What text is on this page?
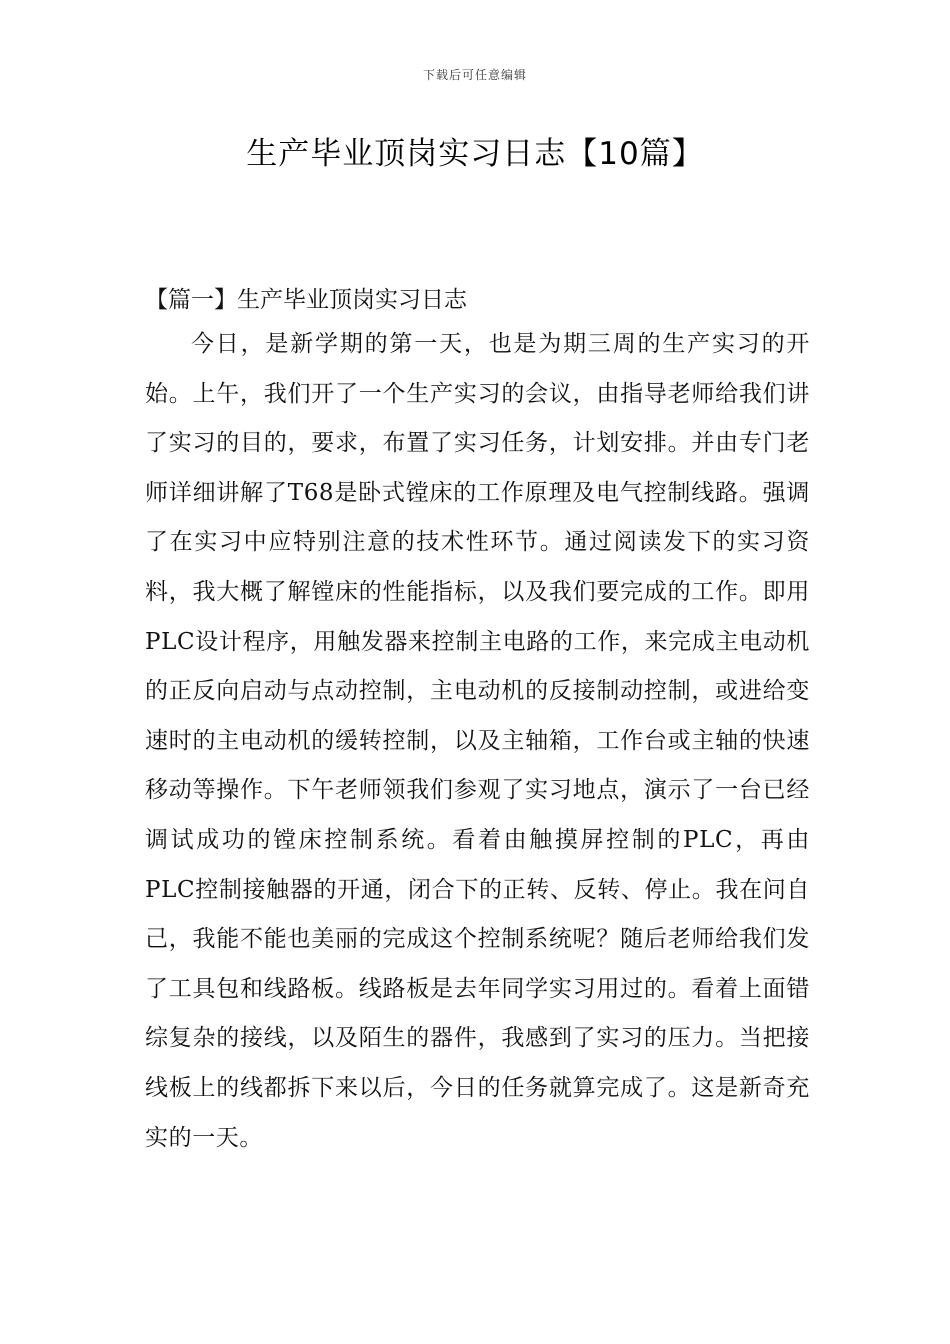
下载后可任意编辑
生产毕业顶岗实习日志【10篇】
【篇一】生产毕业顶岗实习日志

今日，是新学期的第一天，也是为期三周的生产实习的开始。上午，我们开了一个生产实习的会议，由指导老师给我们讲了实习的目的，要求，布置了实习任务，计划安排。并由专门老师详细讲解了T68是卧式镗床的工作原理及电气控制线路。强调了在实习中应特别注意的技术性环节。通过阅读发下的实习资料，我大概了解镗床的性能指标，以及我们要完成的工作。即用PLC设计程序，用触发器来控制主电路的工作，来完成主电动机的正反向启动与点动控制，主电动机的反接制动控制，或进给变速时的主电动机的缓转控制，以及主轴箱，工作台或主轴的快速移动等操作。下午老师领我们参观了实习地点，演示了一台已经调试成功的镗床控制系统。看着由触摸屏控制的PLC，再由PLC控制接触器的开通，闭合下的正转、反转、停止。我在问自己，我能不能也美丽的完成这个控制系统呢？随后老师给我们发了工具包和线路板。线路板是去年同学实习用过的。看着上面错综复杂的接线，以及陌生的器件，我感到了实习的压力。当把接线板上的线都拆下来以后，今日的任务就算完成了。这是新奇充实的一天。
